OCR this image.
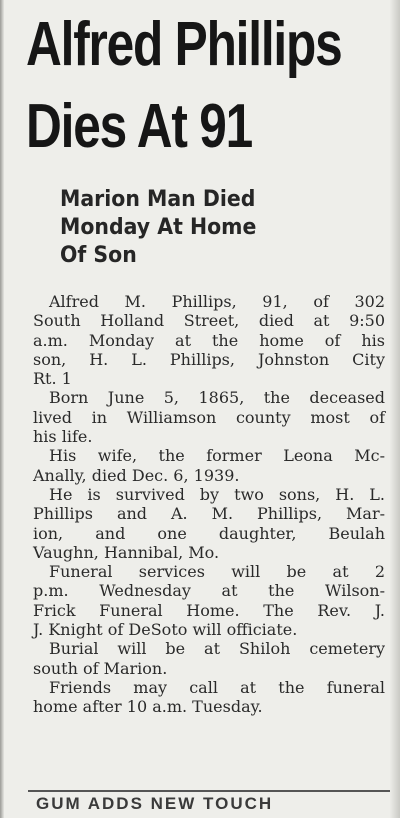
Alfred Phillips
Dies At 91
Marion Man Died
Monday At Home
Of Son
Alfred M. Phillips, 91, of 302
South Holland Street, died at 9:50
a.m. Monday at the home of his
son, H. L. Phillips, Johnston City
Rt. 1
Born June 5, 1865, the deceased
lived in Williamson county most of
his life.
His wife, the former Leona Mc-
Anally, died Dec. 6, 1939.
He is survived by two sons, H. L.
Phillips and A. M. Phillips, Mar-
ion, and one daughter, Beulah
Vaughn, Hannibal, Mo.
Funeral services will be at 2
p.m. Wednesday at the Wilson-
Frick Funeral Home. The Rev. J.
J. Knight of DeSoto will officiate.
Burial will be at Shiloh cemetery
south of Marion.
Friends may call at the funeral
home after 10 a.m. Tuesday.
GUM ADDS NEW TOUCH
